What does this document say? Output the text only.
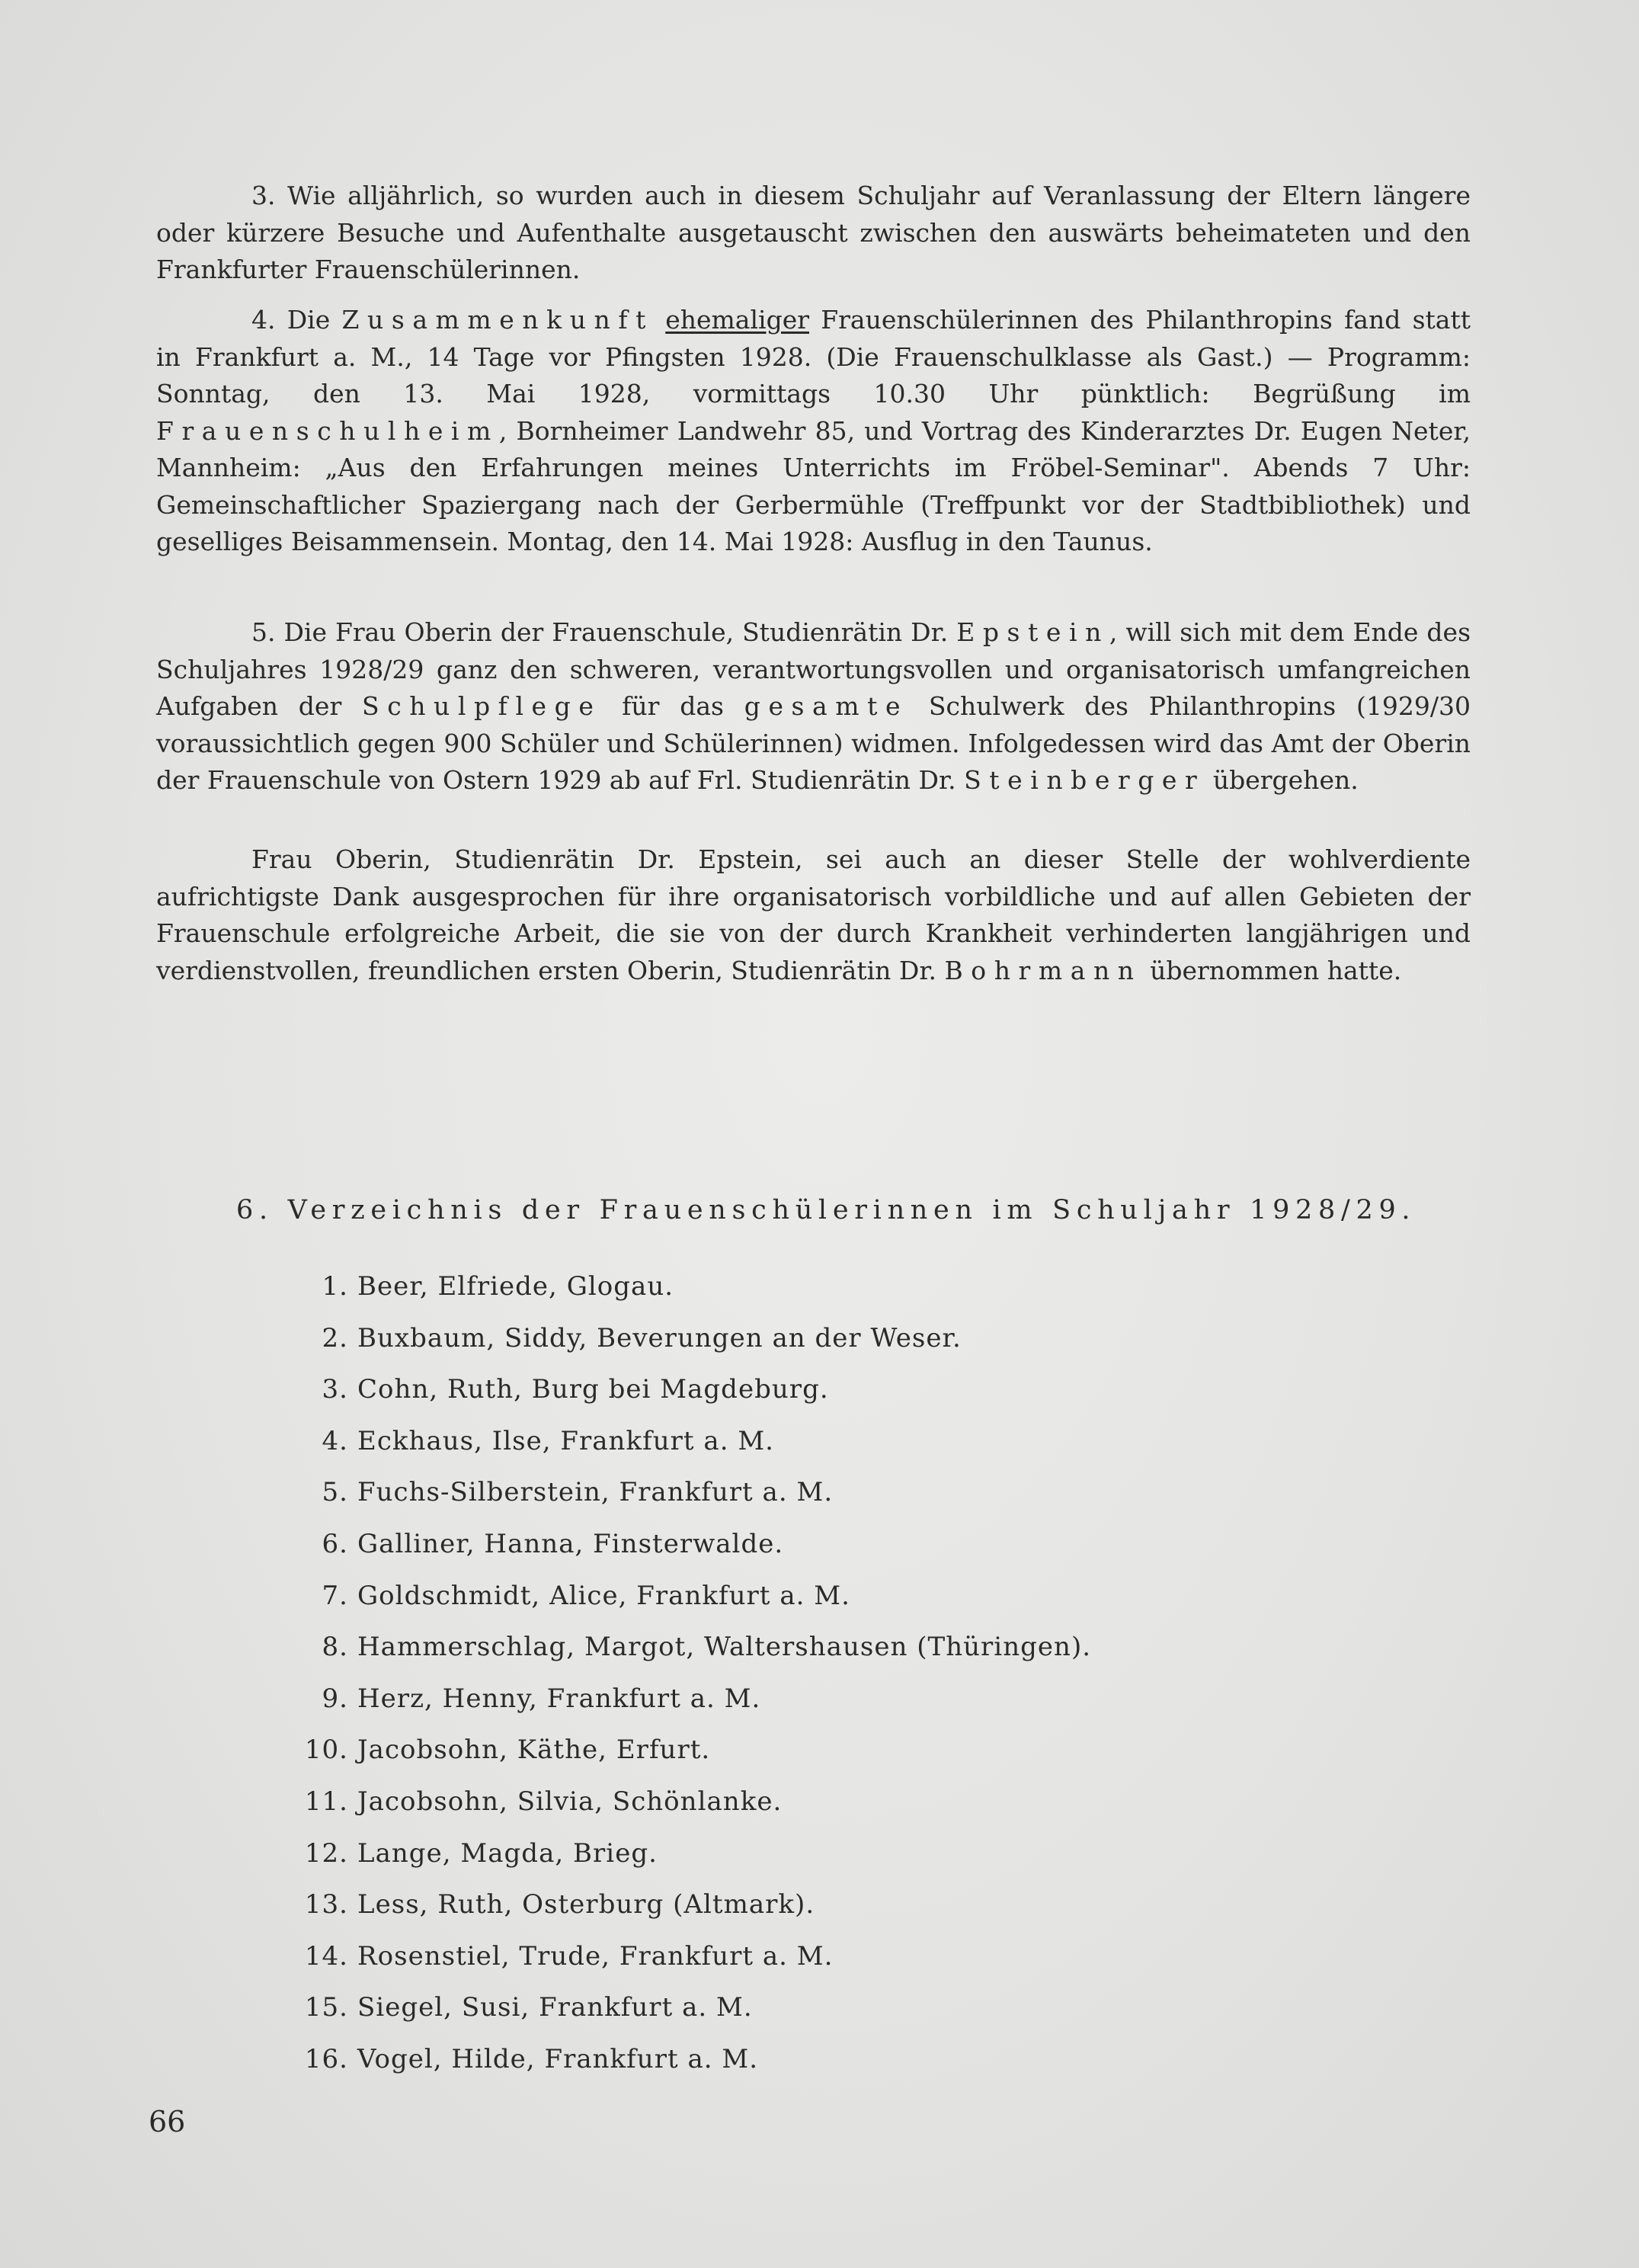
3. Wie alljährlich, so wurden auch in diesem Schuljahr auf Veranlassung der Eltern längere oder kürzere Besuche und Aufenthalte ausgetauscht zwischen den auswärts beheimateten und den Frankfurter Frauenschülerinnen.

4. Die Zusammenkunft ehemaliger Frauenschülerinnen des Philanthropins fand statt in Frankfurt a. M., 14 Tage vor Pfingsten 1928. (Die Frauenschulklasse als Gast.) — Programm: Sonntag, den 13. Mai 1928, vormittags 10.30 Uhr pünktlich: Begrüßung im Frauenschulheim, Bornheimer Landwehr 85, und Vortrag des Kinderarztes Dr. Eugen Neter, Mannheim: „Aus den Erfahrungen meines Unterrichts im Fröbel-Seminar". Abends 7 Uhr: Gemeinschaftlicher Spaziergang nach der Gerbermühle (Treffpunkt vor der Stadtbibliothek) und geselliges Beisammensein. Montag, den 14. Mai 1928: Ausflug in den Taunus.

5. Die Frau Oberin der Frauenschule, Studienrätin Dr. Epstein, will sich mit dem Ende des Schuljahres 1928/29 ganz den schweren, verantwortungsvollen und organisatorisch umfangreichen Aufgaben der Schulpflege für das gesamte Schulwerk des Philanthropins (1929/30 voraussichtlich gegen 900 Schüler und Schülerinnen) widmen. Infolgedessen wird das Amt der Oberin der Frauenschule von Ostern 1929 ab auf Frl. Studienrätin Dr. Steinberger übergehen.

Frau Oberin, Studienrätin Dr. Epstein, sei auch an dieser Stelle der wohlverdiente aufrichtigste Dank ausgesprochen für ihre organisatorisch vorbildliche und auf allen Gebieten der Frauenschule erfolgreiche Arbeit, die sie von der durch Krankheit verhinderten langjährigen und verdienstvollen, freundlichen ersten Oberin, Studienrätin Dr. Bohrmann übernommen hatte.

6. Verzeichnis der Frauenschülerinnen im Schuljahr 1928/29.

1. Beer, Elfriede, Glogau.
2. Buxbaum, Siddy, Beverungen an der Weser.
3. Cohn, Ruth, Burg bei Magdeburg.
4. Eckhaus, Ilse, Frankfurt a. M.
5. Fuchs-Silberstein, Frankfurt a. M.
6. Galliner, Hanna, Finsterwalde.
7. Goldschmidt, Alice, Frankfurt a. M.
8. Hammerschlag, Margot, Waltershausen (Thüringen).
9. Herz, Henny, Frankfurt a. M.
10. Jacobsohn, Käthe, Erfurt.
11. Jacobsohn, Silvia, Schönlanke.
12. Lange, Magda, Brieg.
13. Less, Ruth, Osterburg (Altmark).
14. Rosenstiel, Trude, Frankfurt a. M.
15. Siegel, Susi, Frankfurt a. M.
16. Vogel, Hilde, Frankfurt a. M.

66
